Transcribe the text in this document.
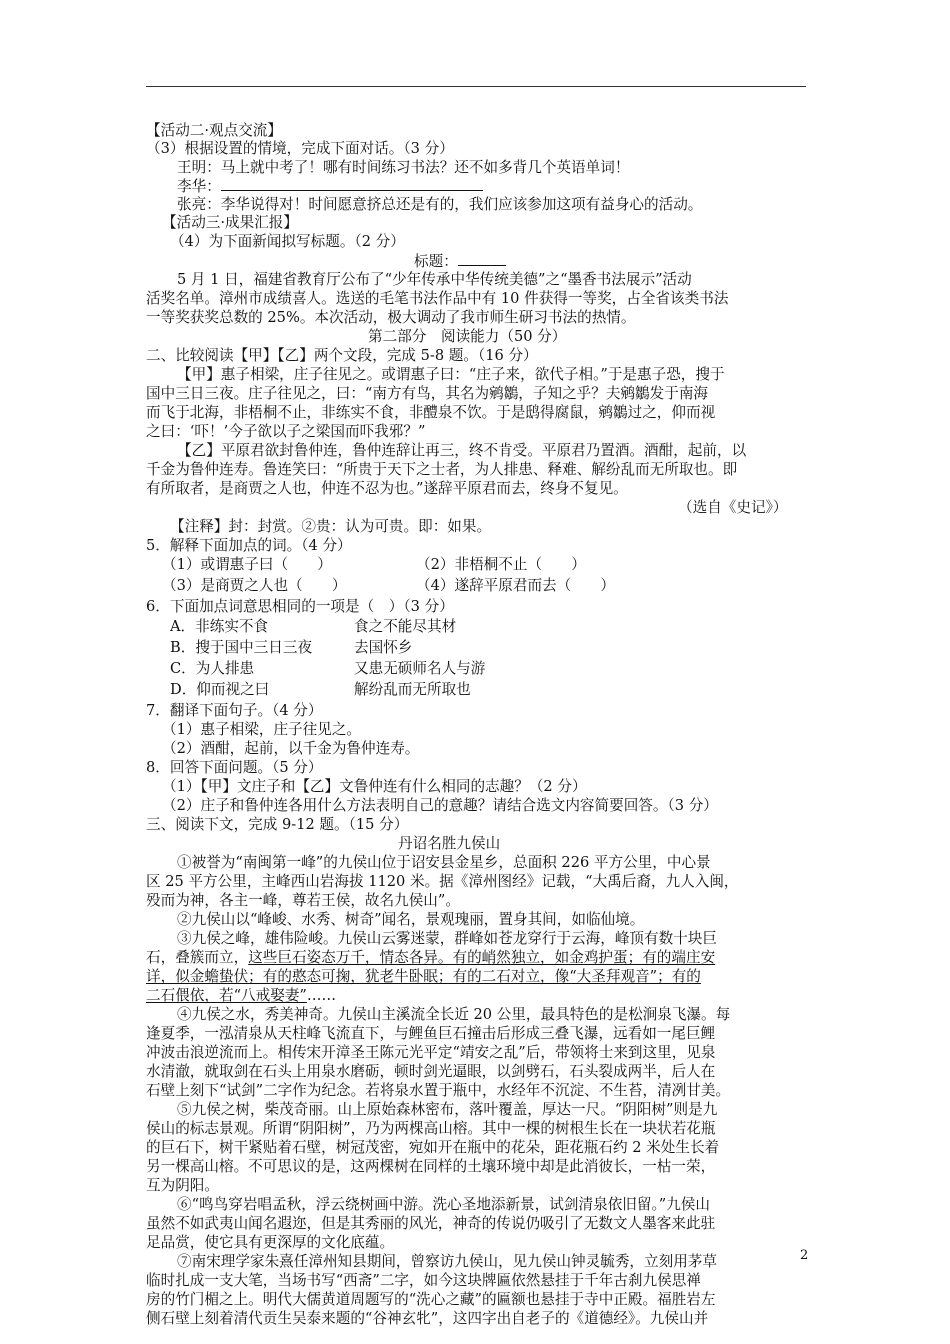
【活动二·观点交流】
（3）根据设置的情境，完成下面对话。（3 分）
王明：马上就中考了！哪有时间练习书法？还不如多背几个英语单词！
李华：
张亮：李华说得对！时间愿意挤总还是有的，我们应该参加这项有益身心的活动。
【活动三·成果汇报】
（4）为下面新闻拟写标题。（2 分）
标题：
5 月 1 日，福建省教育厅公布了“少年传承中华传统美德”之“墨香书法展示”活动
活奖名单。漳州市成绩喜人。选送的毛笔书法作品中有 10 件获得一等奖，占全省该类书法
一等奖获奖总数的 25%。本次活动，极大调动了我市师生研习书法的热情。
第二部分　阅读能力（50 分）
二、比较阅读【甲】【乙】两个文段，完成 5-8 题。（16 分）
【甲】惠子相梁，庄子往见之。或谓惠子曰：“庄子来，欲代子相。”于是惠子恐，搜于
国中三日三夜。庄子往见之，曰：“南方有鸟，其名为鹓鶵，子知之乎？夫鹓鶵发于南海
而飞于北海，非梧桐不止，非练实不食，非醴泉不饮。于是鸱得腐鼠，鹓鶵过之，仰而视
之曰：‘吓！’今子欲以子之梁国而吓我邪？”
【乙】平原君欲封鲁仲连，鲁仲连辞让再三，终不肯受。平原君乃置酒。酒酣，起前，以
千金为鲁仲连寿。鲁连笑曰：“所贵于天下之士者，为人排患、释难、解纷乱而无所取也。即
有所取者，是商贾之人也，仲连不忍为也。”遂辞平原君而去，终身不复见。
（选自《史记》）
【注释】封：封赏。②贵：认为可贵。即：如果。
5．解释下面加点的词。（4 分）
（1）或谓惠子曰（　　）	（2）非梧桐不止（　　）
（3）是商贾之人也（　　）	（4）遂辞平原君而去（　　）
6．下面加点词意思相同的一项是（　）（3 分）
A．非练实不食	食之不能尽其材
B．搜于国中三日三夜	去国怀乡
C．为人排患	又患无硕师名人与游
D．仰而视之曰	解纷乱而无所取也
7．翻译下面句子。（4 分）
（1）惠子相梁，庄子往见之。
（2）酒酣，起前，以千金为鲁仲连寿。
8．回答下面问题。（5 分）
（1）【甲】文庄子和【乙】文鲁仲连有什么相同的志趣？（2 分）
（2）庄子和鲁仲连各用什么方法表明自己的意趣？请结合选文内容简要回答。（3 分）
三、阅读下文，完成 9-12 题。（15 分）
丹诏名胜九侯山
①被誉为“南闽第一峰”的九侯山位于诏安县金星乡，总面积 226 平方公里，中心景
区 25 平方公里，主峰西山岩海拔 1120 米。据《漳州图经》记载，“大禹后裔，九人入闽，
殁而为神，各主一峰，尊若王侯，故名九侯山”。
②九侯山以“峰峻、水秀、树奇”闻名，景观瑰丽，置身其间，如临仙境。
③九侯之峰，雄伟险峻。九侯山云雾迷蒙，群峰如苍龙穿行于云海，峰顶有数十块巨
石，叠簇而立，这些巨石姿态万千，情态各异。有的峭然独立，如金鸡护蛋；有的端庄安
详，似金蟾蛰伏；有的憨态可掬，犹老牛卧眠；有的二石对立，像“大圣拜观音”；有的
二石偎依，若“八戒娶妻”……
④九侯之水，秀美神奇。九侯山主溪流全长近 20 公里，最具特色的是松涧泉飞瀑。每
逢夏季，一泓清泉从天柱峰飞流直下，与鲤鱼巨石撞击后形成三叠飞瀑，远看如一尾巨鲤
冲波击浪逆流而上。相传宋开漳圣王陈元光平定“靖安之乱”后，带领将士来到这里，见泉
水清澈，就取剑在石头上用泉水磨砺，顿时剑光逼眼，以剑劈石，石头裂成两半，后人在
石壁上刻下“试剑”二字作为纪念。若将泉水置于瓶中，水经年不沉淀、不生苔，清冽甘美。
⑤九侯之树，柴茂奇丽。山上原始森林密布，落叶覆盖，厚达一尺。“阴阳树”则是九
侯山的标志景观。所谓“阴阳树”，乃为两棵高山榕。其中一棵的树根生长在一块状若花瓶
的巨石下，树干紧贴着石壁，树冠茂密，宛如开在瓶中的花朵，距花瓶石约 2 米处生长着
另一棵高山榕。不可思议的是，这两棵树在同样的土壤环境中却是此消彼长，一枯一荣，
互为阴阳。
⑥“鸣鸟穿岩唱孟秋，浮云绕树画中游。洗心圣地添新景，试剑清泉依旧留。”九侯山
虽然不如武夷山闻名遐迩，但是其秀丽的风光，神奇的传说仍吸引了无数文人墨客来此驻
足品赏，使它具有更深厚的文化底蕴。
⑦南宋理学家朱熹任漳州知县期间，曾察访九侯山，见九侯山钟灵毓秀，立刻用茅草
临时扎成一支大笔，当场书写“西斋”二字，如今这块牌匾依然悬挂于千年古刹九侯思禅
房的竹门楣之上。明代大儒黄道周题写的“洗心之藏”的匾额也悬挂于寺中正殿。福胜岩左
侧石壁上刻着清代贡生吴泰来题的“谷神玄牝”，这四字出自老子的《道德经》。九侯山并
2
